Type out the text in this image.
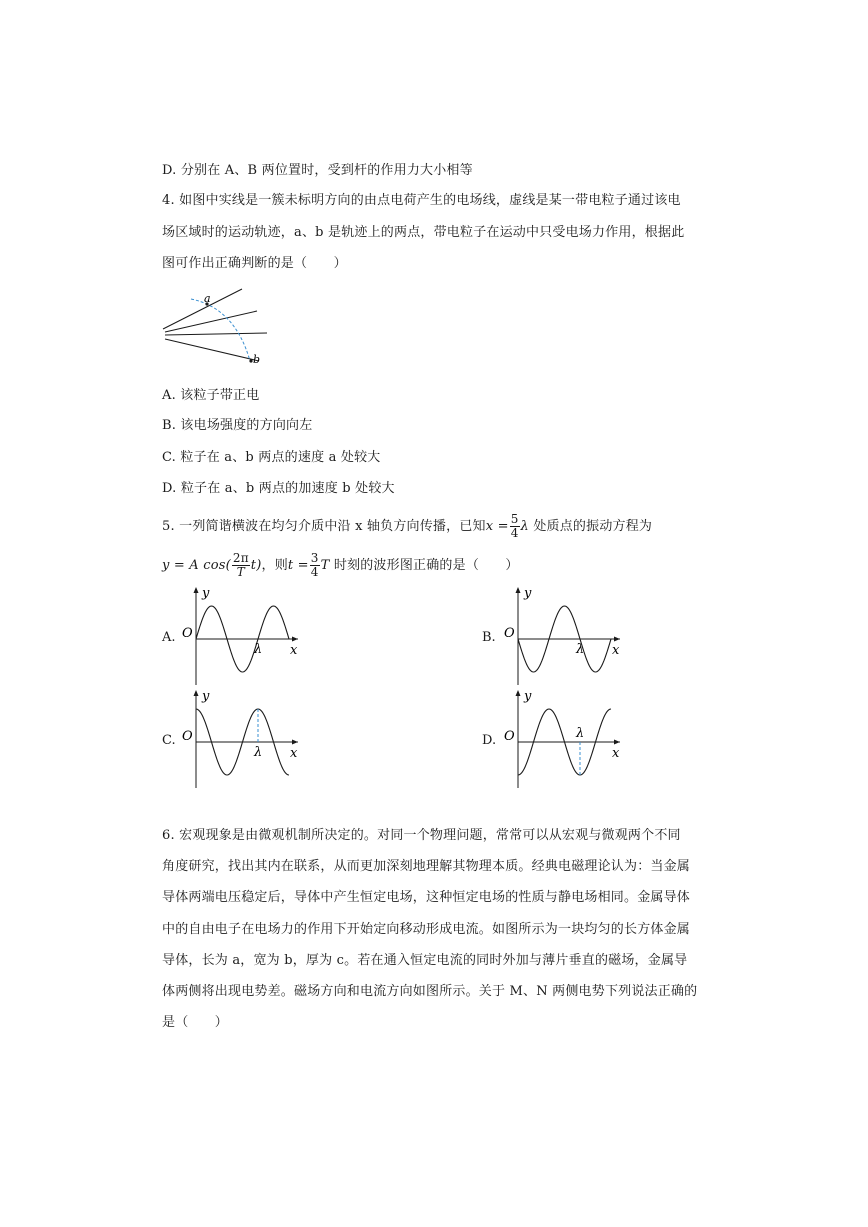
D. 分别在 A、B 两位置时，受到杆的作用力大小相等
4. 如图中实线是一簇未标明方向的由点电荷产生的电场线，虚线是某一带电粒子通过该电
场区域时的运动轨迹，a、b 是轨迹上的两点，带电粒子在运动中只受电场力作用，根据此
图可作出正确判断的是（　　）
a
b
A. 该粒子带正电
B. 该电场强度的方向向左
C. 粒子在 a、b 两点的速度 a 处较大
D. 粒子在 a、b 两点的加速度 b 处较大
5. 一列简谐横波在均匀介质中沿 x 轴负方向传播，已知$x = \frac{5}{4}$ λ 处质点的振动方程为
y = A $\cos( \frac{2\pi}{T} t)$，则$t = \frac{3}{4}$ T 时刻的波形图正确的是（　　）
A.	B.
C.	D.
y
x
O
λ
y
x
O
λ
y
x
O
λ
y
x
O	λ
6. 宏观现象是由微观机制所决定的。对同一个物理问题，常常可以从宏观与微观两个不同
角度研究，找出其内在联系，从而更加深刻地理解其物理本质。经典电磁理论认为：当金属
导体两端电压稳定后，导体中产生恒定电场，这种恒定电场的性质与静电场相同。金属导体
中的自由电子在电场力的作用下开始定向移动形成电流。如图所示为一块均匀的长方体金属
导体，长为 a，宽为 b，厚为 c。若在通入恒定电流的同时外加与薄片垂直的磁场，金属导
体两侧将出现电势差。磁场方向和电流方向如图所示。关于 M、N 两侧电势下列说法正确的
是（　　）
